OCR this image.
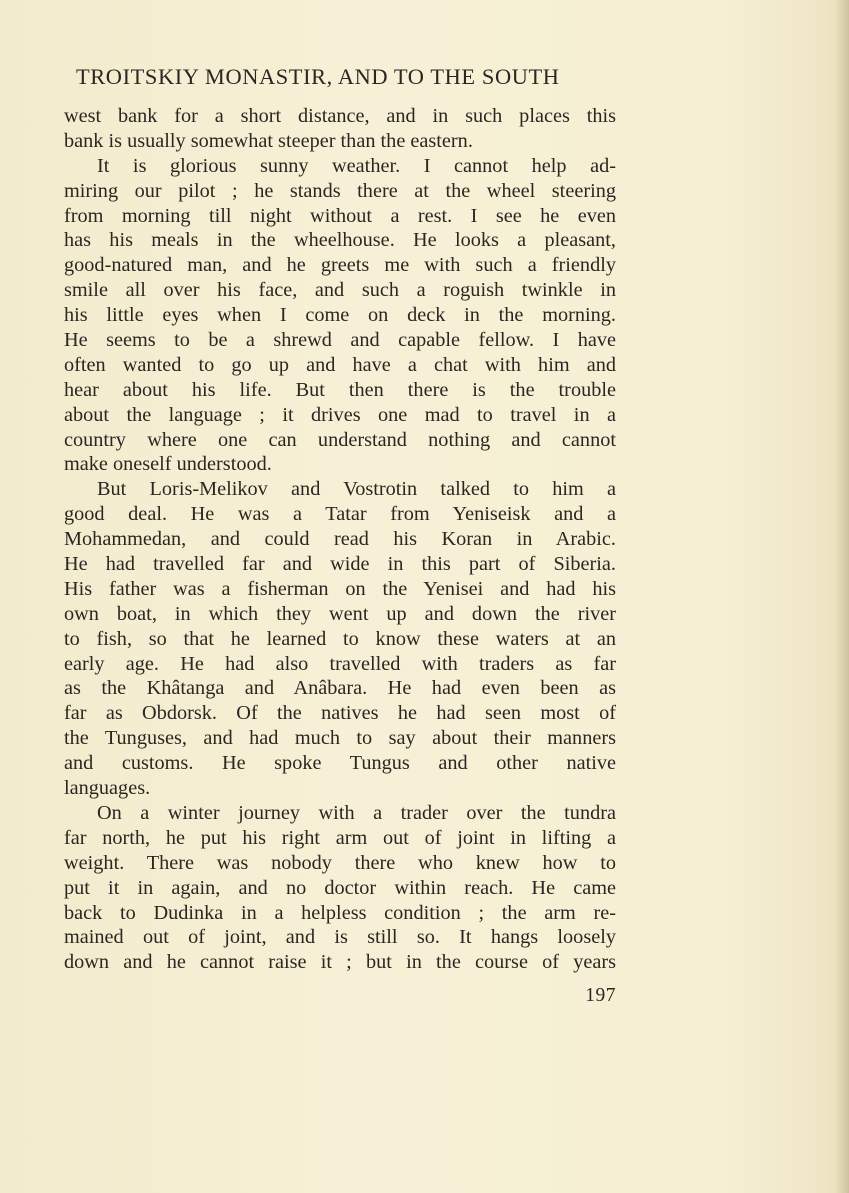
TROITSKIY MONASTIR, AND TO THE SOUTH
west bank for a short distance, and in such places this
bank is usually somewhat steeper than the eastern.
It is glorious sunny weather. I cannot help ad-
miring our pilot ; he stands there at the wheel steering
from morning till night without a rest. I see he even
has his meals in the wheelhouse. He looks a pleasant,
good-natured man, and he greets me with such a friendly
smile all over his face, and such a roguish twinkle in
his little eyes when I come on deck in the morning.
He seems to be a shrewd and capable fellow. I have
often wanted to go up and have a chat with him and
hear about his life. But then there is the trouble
about the language ; it drives one mad to travel in a
country where one can understand nothing and cannot
make oneself understood.
But Loris-Melikov and Vostrotin talked to him a
good deal. He was a Tatar from Yeniseisk and a
Mohammedan, and could read his Koran in Arabic.
He had travelled far and wide in this part of Siberia.
His father was a fisherman on the Yenisei and had his
own boat, in which they went up and down the river
to fish, so that he learned to know these waters at an
early age. He had also travelled with traders as far
as the Khâtanga and Anâbara. He had even been as
far as Obdorsk. Of the natives he had seen most of
the Tunguses, and had much to say about their manners
and customs. He spoke Tungus and other native
languages.
On a winter journey with a trader over the tundra
far north, he put his right arm out of joint in lifting a
weight. There was nobody there who knew how to
put it in again, and no doctor within reach. He came
back to Dudinka in a helpless condition ; the arm re-
mained out of joint, and is still so. It hangs loosely
down and he cannot raise it ; but in the course of years
197
